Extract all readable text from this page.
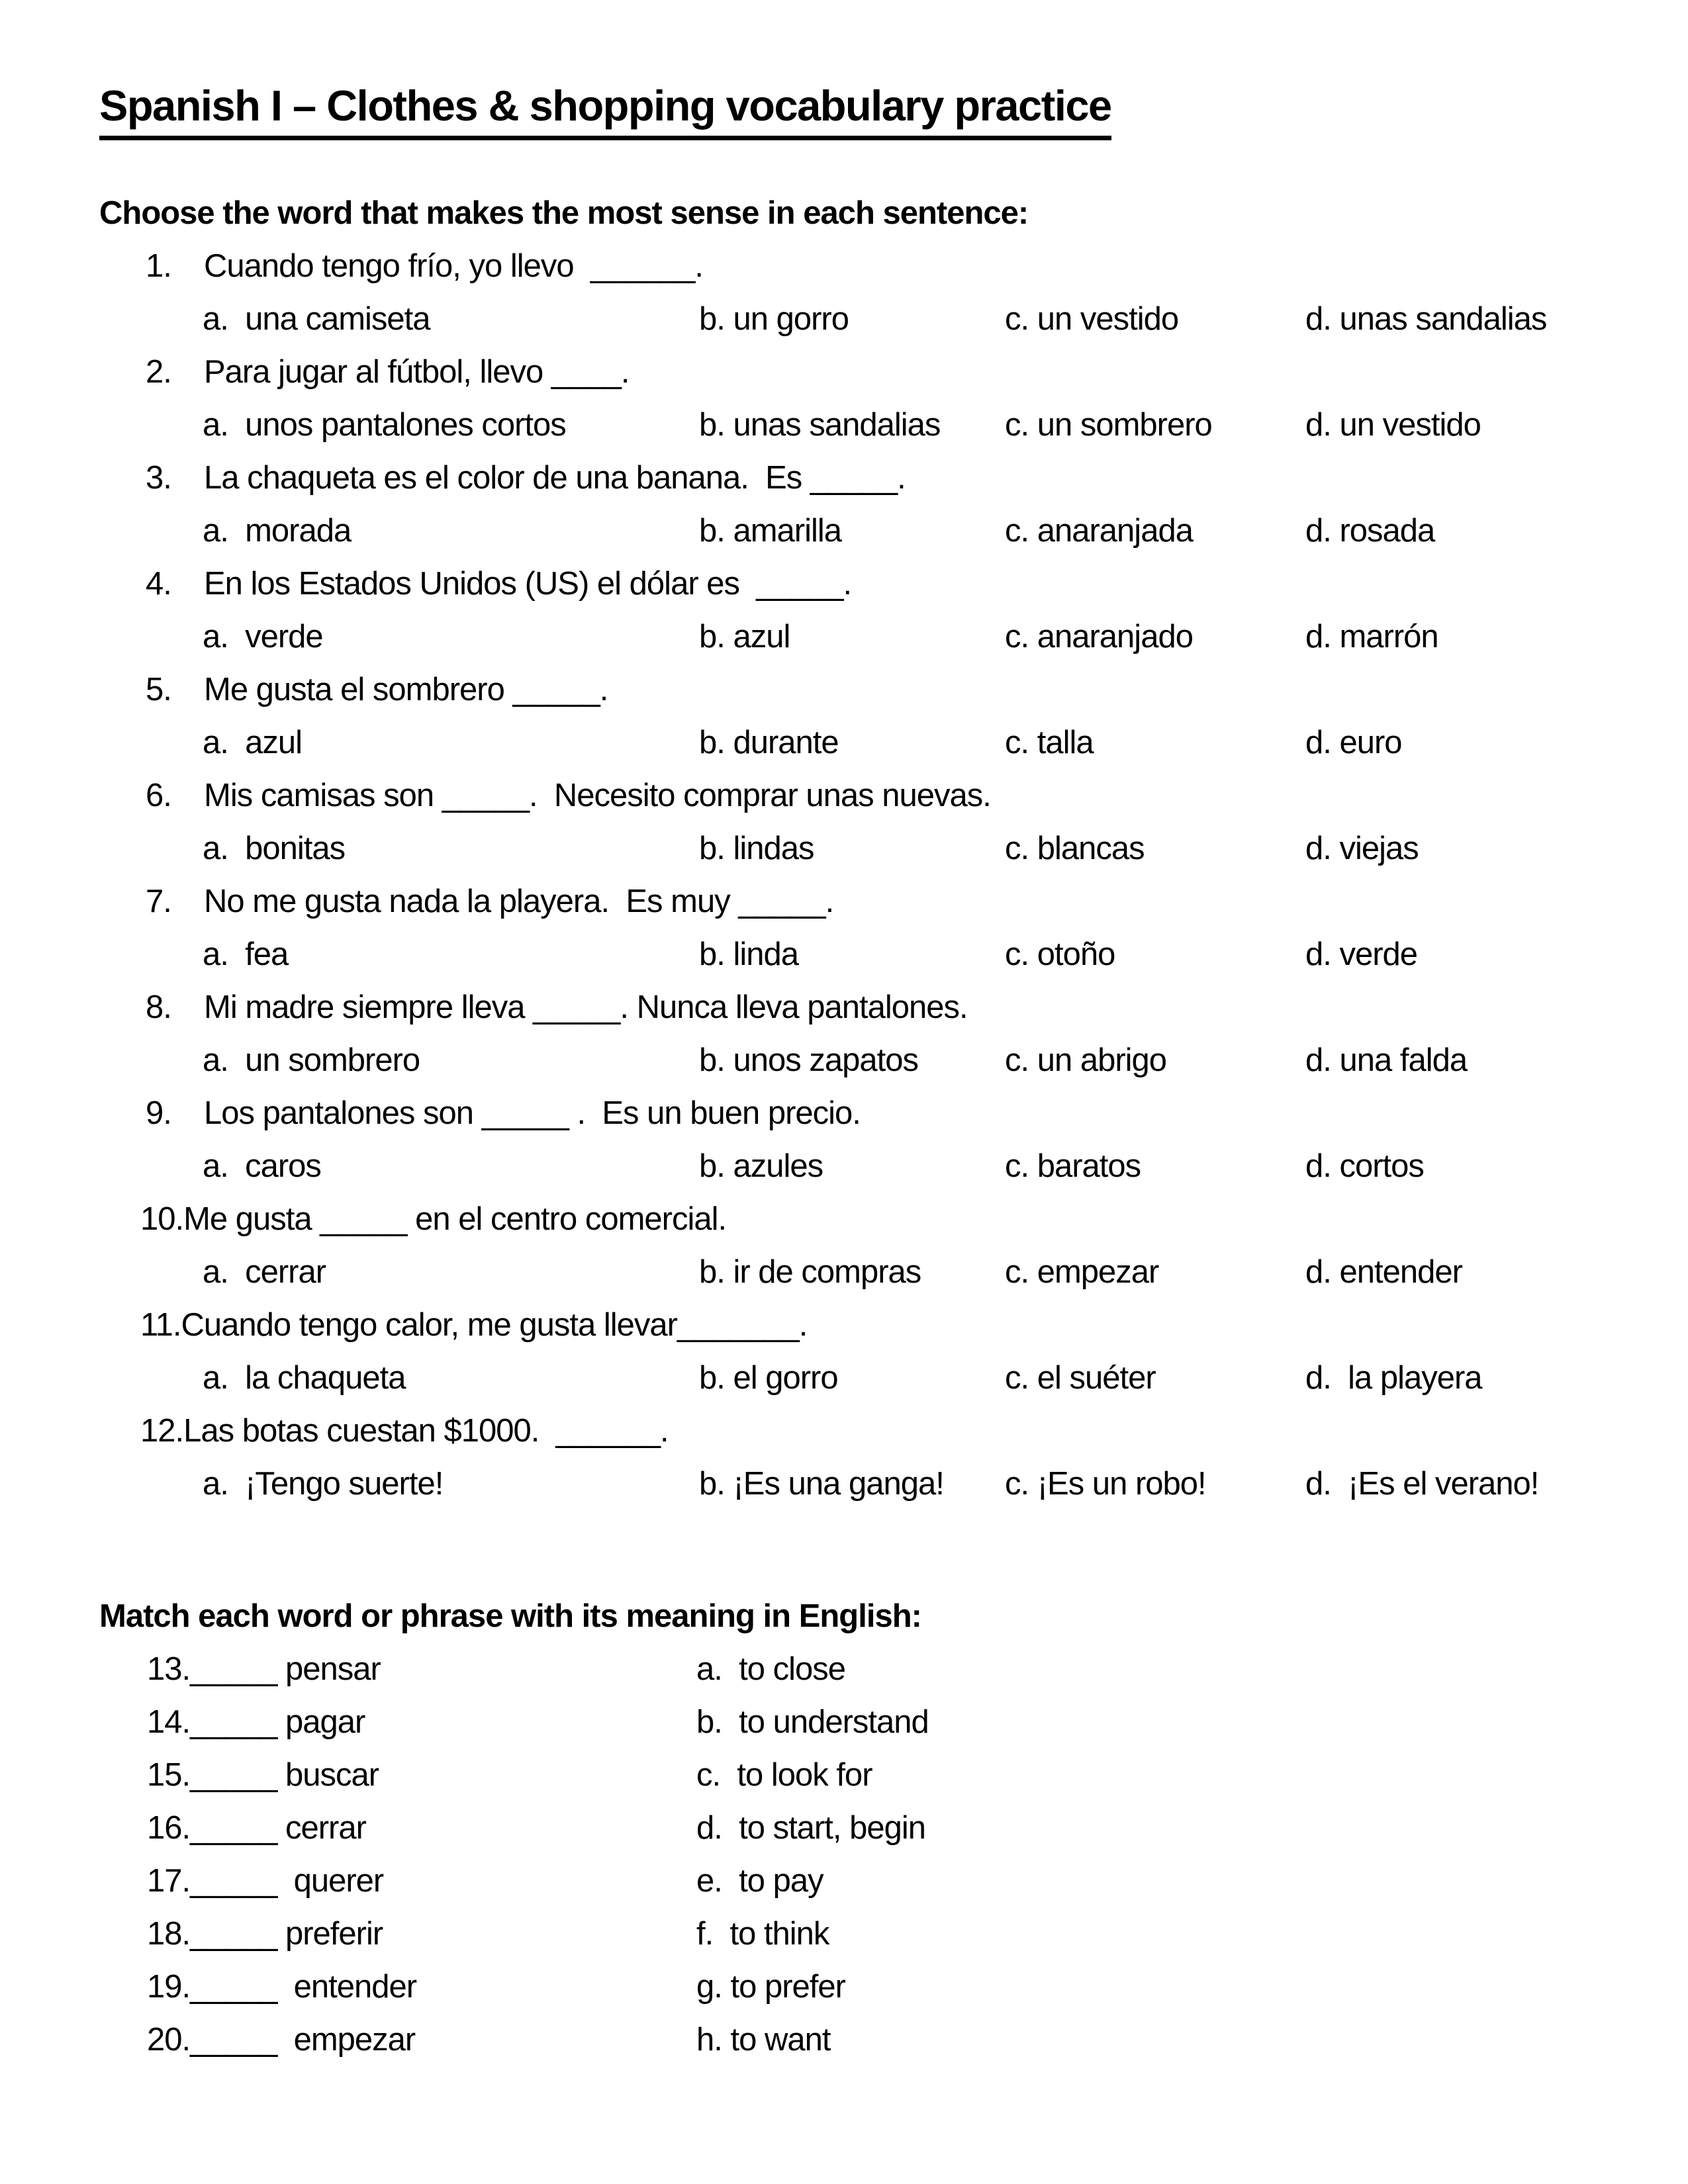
Spanish I – Clothes & shopping vocabulary practice
Choose the word that makes the most sense in each sentence:
1. Cuando tengo frío, yo llevo  ______.
a.  una camiseta	b. un gorro	c. un vestido	d. unas sandalias
2. Para jugar al fútbol, llevo ____.
a.  unos pantalones cortos	b. unas sandalias c. un sombrero	d. un vestido
3. La chaqueta es el color de una banana.  Es _____.
a.  morada	b. amarilla	c. anaranjada	d. rosada
4. En los Estados Unidos (US) el dólar es  _____.
a.  verde	b. azul	c. anaranjado	d. marrón
5. Me gusta el sombrero _____.
a.  azul	b. durante	c. talla	d. euro
6. Mis camisas son _____.  Necesito comprar unas nuevas.
a.  bonitas	b. lindas	c. blancas	d. viejas
7. No me gusta nada la playera.  Es muy _____.
a.  fea	b. linda	c. otoño	d. verde
8. Mi madre siempre lleva _____. Nunca lleva pantalones.
a.  un sombrero	b. unos zapatos	c. un abrigo	d. una falda
9. Los pantalones son _____ .  Es un buen precio.
a.  caros	b. azules	c. baratos	d. cortos
10.Me gusta _____ en el centro comercial.
a.  cerrar	b. ir de compras	c. empezar	d. entender
11.Cuando tengo calor, me gusta llevar_______.
a.  la chaqueta	b. el gorro	c. el suéter	d.  la playera
12.Las botas cuestan $1000.  ______.
a.  ¡Tengo suerte!	b. ¡Es una ganga! c. ¡Es un robo!	d.  ¡Es el verano!
Match each word or phrase with its meaning in English:
13._____ pensar	a.  to close
14._____ pagar	b.  to understand
15._____ buscar	c.  to look for
16._____ cerrar	d.  to start, begin
17._____  querer	e.  to pay
18._____ preferir	f.  to think
19._____  entender	g. to prefer
20._____  empezar	h. to want
